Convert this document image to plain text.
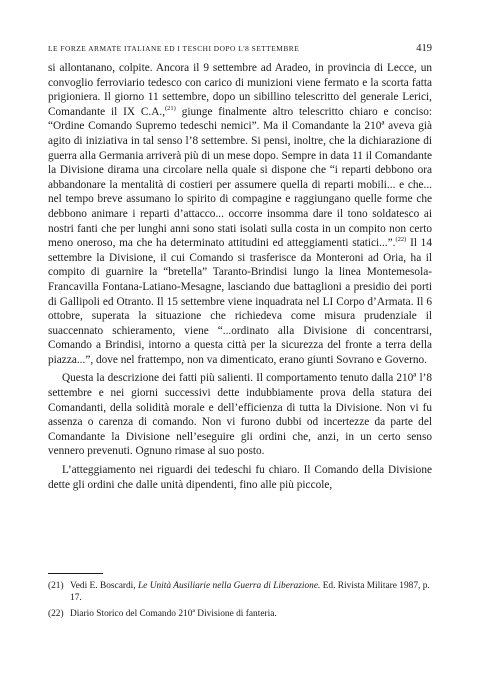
LE FORZE ARMATE ITALIANE ED I TESCHI DOPO L'8 SETTEMBRE	419

si allontanano, colpite. Ancora il 9 settembre ad Aradeo, in provincia di Lecce, un convoglio ferroviario tedesco con carico di munizioni viene fermato e la scorta fatta prigioniera. Il giorno 11 settembre, dopo un sibillino telescritto del generale Lerici, Comandante il IX C.A.,$^{(21)}$ giunge finalmente altro telescritto chiaro e conciso: “Ordine Comando Supremo tedeschi nemici”. Ma il Comandante la 210ª aveva già agito di iniziativa in tal senso l’8 settembre. Si pensi, inoltre, che la dichiarazione di guerra alla Germania arriverà più di un mese dopo. Sempre in data 11 il Comandante la Divisione dirama una circolare nella quale si dispone che “i reparti debbono ora abbandonare la mentalità di costieri per assumere quella di reparti mobili... e che... nel tempo breve assumano lo spirito di compagine e raggiungano quelle forme che debbono animare i reparti d’attacco... occorre insomma dare il tono soldatesco ai nostri fanti che per lunghi anni sono stati isolati sulla costa in un compito non certo meno oneroso, ma che ha determinato attitudini ed atteggiamenti statici...”.$^{(22)}$ Il 14 settembre la Divisione, il cui Comando si trasferisce da Monteroni ad Oria, ha il compito di guarnire la “bretella” Taranto-Brindisi lungo la linea Montemesola-Francavilla Fontana-Latiano-Mesagne, lasciando due battaglioni a presidio dei porti di Gallipoli ed Otranto. Il 15 settembre viene inquadrata nel LI Corpo d’Armata. Il 6 ottobre, superata la situazione che richiedeva come misura prudenziale il suaccennato schieramento, viene “...ordinato alla Divisione di concentrarsi, Comando a Brindisi, intorno a questa città per la sicurezza del fronte a terra della piazza...”, dove nel frattempo, non va dimenticato, erano giunti Sovrano e Governo.

Questa la descrizione dei fatti più salienti. Il comportamento tenuto dalla 210ª l’8 settembre e nei giorni successivi dette indubbiamente prova della statura dei Comandanti, della solidità morale e dell’efficienza di tutta la Divisione. Non vi fu assenza o carenza di comando. Non vi furono dubbi od incertezze da parte del Comandante la Divisione nell’eseguire gli ordini che, anzi, in un certo senso vennero prevenuti. Ognuno rimase al suo posto.

L’atteggiamento nei riguardi dei tedeschi fu chiaro. Il Comando della Divisione dette gli ordini che dalle unità dipendenti, fino alle più piccole,

(21) Vedi E. Boscardi, Le Unità Ausiliarie nella Guerra di Liberazione. Ed. Rivista Militare 1987, p. 17.
(22) Diario Storico del Comando 210ª Divisione di fanteria.
